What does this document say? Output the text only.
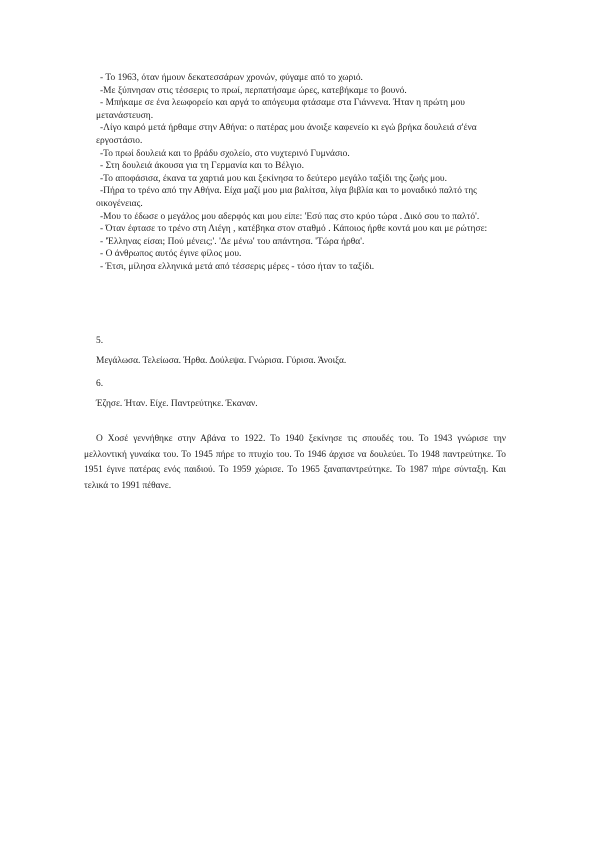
- Το 1963, όταν ήμουν δεκατεσσάρων χρονών, φύγαμε από το χωριό.

-Με ξύπνησαν στις τέσσερις το πρωί, περπατήσαμε ώρες, κατεβήκαμε το βουνό.

- Μπήκαμε σε ένα λεωφορείο και αργά το απόγευμα φτάσαμε στα Γιάννενα. Ήταν η πρώτη μου μετανάστευση.

-Λίγο καιρό μετά ήρθαμε στην Αθήνα: ο πατέρας μου άνοιξε καφενείο κι εγώ βρήκα δουλειά σ'ένα εργοστάσιο.

-Το πρωί δουλειά και το βράδυ σχολείο, στο νυχτερινό Γυμνάσιο.

- Στη δουλειά άκουσα για τη Γερμανία και το Βέλγιο.

-Το αποφάσισα, έκανα τα χαρτιά μου και ξεκίνησα το δεύτερο μεγάλο ταξίδι της ζωής μου.

-Πήρα το τρένο από την Αθήνα. Είχα μαζί μου μια βαλίτσα, λίγα βιβλία και το μοναδικό παλτό της οικογένειας.

-Μου το έδωσε ο μεγάλος μου αδερφός και μου είπε: 'Εσύ πας στο κρύο τώρα . Δικό σου το παλτό'.

- Όταν έφτασε το τρένο στη Λιέγη , κατέβηκα στον σταθμό . Κάποιος ήρθε κοντά μου και με ρώτησε:

- 'Έλληνας είσαι; Πού μένεις;'. 'Δε μένω' του απάντησα. 'Τώρα ήρθα'.

- Ο άνθρωπος αυτός έγινε φίλος μου.

- Έτσι, μίλησα ελληνικά μετά από τέσσερις μέρες - τόσο ήταν το ταξίδι.

5.

Μεγάλωσα. Τελείωσα. Ήρθα. Δούλεψα. Γνώρισα. Γύρισα. Άνοιξα.

6.

Έζησε. Ήταν. Είχε. Παντρεύτηκε. Έκαναν.

Ο Χοσέ γεννήθηκε στην Αβάνα το 1922. Το 1940 ξεκίνησε τις σπουδές του. Το 1943 γνώρισε την μελλοντική γυναίκα του. Το 1945 πήρε το πτυχίο του. Το 1946 άρχισε να δουλεύει. Το 1948 παντρεύτηκε. Το 1951 έγινε πατέρας ενός παιδιού. Το 1959 χώρισε. Το 1965 ξαναπαντρεύτηκε. Το 1987 πήρε σύνταξη. Και τελικά το 1991 πέθανε.
